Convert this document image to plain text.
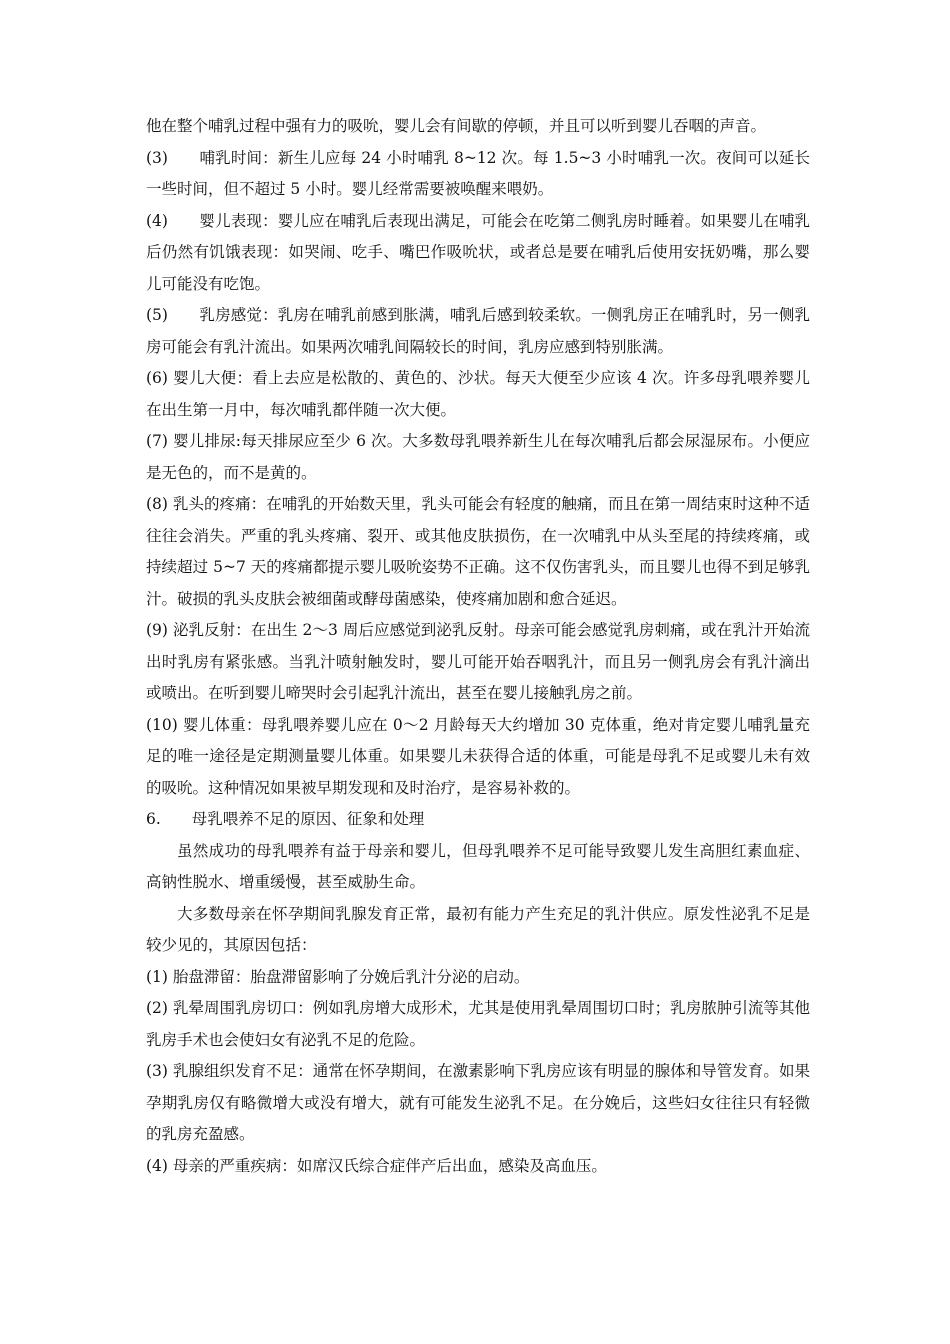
他在整个哺乳过程中强有力的吸吮，婴儿会有间歇的停顿，并且可以听到婴儿吞咽的声音。

(3)　　哺乳时间：新生儿应每 24 小时哺乳 8~12 次。每 1.5~3 小时哺乳一次。夜间可以延长一些时间，但不超过 5 小时。婴儿经常需要被唤醒来喂奶。

(4)　　婴儿表现：婴儿应在哺乳后表现出满足，可能会在吃第二侧乳房时睡着。如果婴儿在哺乳后仍然有饥饿表现：如哭闹、吃手、嘴巴作吸吮状，或者总是要在哺乳后使用安抚奶嘴，那么婴儿可能没有吃饱。

(5)　　乳房感觉：乳房在哺乳前感到胀满，哺乳后感到较柔软。一侧乳房正在哺乳时，另一侧乳房可能会有乳汁流出。如果两次哺乳间隔较长的时间，乳房应感到特别胀满。

(6) 婴儿大便：看上去应是松散的、黄色的、沙状。每天大便至少应该 4 次。许多母乳喂养婴儿在出生第一月中，每次哺乳都伴随一次大便。

(7) 婴儿排尿:每天排尿应至少 6 次。大多数母乳喂养新生儿在每次哺乳后都会尿湿尿布。小便应是无色的，而不是黄的。

(8) 乳头的疼痛：在哺乳的开始数天里，乳头可能会有轻度的触痛，而且在第一周结束时这种不适往往会消失。严重的乳头疼痛、裂开、或其他皮肤损伤，在一次哺乳中从头至尾的持续疼痛，或持续超过 5~7 天的疼痛都提示婴儿吸吮姿势不正确。这不仅伤害乳头，而且婴儿也得不到足够乳汁。破损的乳头皮肤会被细菌或酵母菌感染，使疼痛加剧和愈合延迟。

(9) 泌乳反射：在出生 2～3 周后应感觉到泌乳反射。母亲可能会感觉乳房刺痛，或在乳汁开始流出时乳房有紧张感。当乳汁喷射触发时，婴儿可能开始吞咽乳汁，而且另一侧乳房会有乳汁滴出或喷出。在听到婴儿啼哭时会引起乳汁流出，甚至在婴儿接触乳房之前。

(10) 婴儿体重：母乳喂养婴儿应在 0～2 月龄每天大约增加 30 克体重，绝对肯定婴儿哺乳量充足的唯一途径是定期测量婴儿体重。如果婴儿未获得合适的体重，可能是母乳不足或婴儿未有效的吸吮。这种情况如果被早期发现和及时治疗，是容易补救的。

6.　　母乳喂养不足的原因、征象和处理

虽然成功的母乳喂养有益于母亲和婴儿，但母乳喂养不足可能导致婴儿发生高胆红素血症、高钠性脱水、增重缓慢，甚至威胁生命。

大多数母亲在怀孕期间乳腺发育正常，最初有能力产生充足的乳汁供应。原发性泌乳不足是较少见的，其原因包括：

(1) 胎盘滞留：胎盘滞留影响了分娩后乳汁分泌的启动。

(2) 乳晕周围乳房切口：例如乳房增大成形术，尤其是使用乳晕周围切口时；乳房脓肿引流等其他乳房手术也会使妇女有泌乳不足的危险。

(3) 乳腺组织发育不足：通常在怀孕期间，在激素影响下乳房应该有明显的腺体和导管发育。如果孕期乳房仅有略微增大或没有增大，就有可能发生泌乳不足。在分娩后，这些妇女往往只有轻微的乳房充盈感。

(4) 母亲的严重疾病：如席汉氏综合症伴产后出血，感染及高血压。
